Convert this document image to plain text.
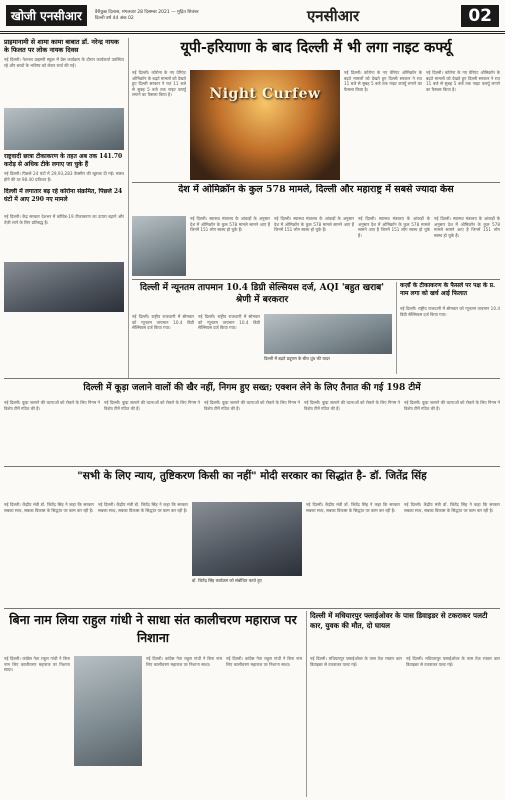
खोजी एनसीआर	वैरीकुछ दिलास, मंगलवार 28 दिसम्बर 2021 — मुद्रित सितंबर दिल्ली वर्ष 44 अंक 02	एनसीआर	02
प्राइमानामी से शामा कामा बाबात डॉ. नरेन्द्र नायक के फिलत पर लोक नायक दिवस
नई दिल्ली। नेशनल प्राइमरी स्कूल में प्रेस कार्यक्रम के दौरान कार्यकर्ता उपस्थित रहे और बच्चों के भविष्य को लेकर चर्चा की गई।
राष्ट्रवादी छात्रा टीकाकरण के तहत अब तक 141.70 करोड़ से अधिक टीके लगाए जा चुके हैं
नई दिल्ली। पिछले 24 घंटों में 29,93,283 वैक्सीन की खुराक दी गई। स्वस्थ होने की दर 98.40 प्रतिशत है।
यूपी-हरियाणा के बाद दिल्ली में भी लगा नाइट कर्फ्यू
Night Curfew
नई दिल्ली। कोरोना के नए वेरिएंट ओमिक्रॉन के बढ़ते मामलों को देखते हुए दिल्ली सरकार ने रात 11 बजे से सुबह 5 बजे तक नाइट कर्फ्यू लगाने का फैसला किया है।
नई दिल्ली। कोरोना के नए वेरिएंट ओमिक्रॉन के बढ़ते मामलों को देखते हुए दिल्ली सरकार ने रात 11 बजे से सुबह 5 बजे तक नाइट कर्फ्यू लगाने का फैसला किया है।
नई दिल्ली। कोरोना के नए वेरिएंट ओमिक्रॉन के बढ़ते मामलों को देखते हुए दिल्ली सरकार ने रात 11 बजे से सुबह 5 बजे तक नाइट कर्फ्यू लगाने का फैसला किया है।
दिल्ली में लगातार बढ़ रहे कोरोना संक्रमित, पिछले 24 घंटों में आए 290 नए मामले
देश में ओमिक्रॉन के कुल 578 मामले, दिल्ली और महाराष्ट्र में सबसे ज्यादा केस
नई दिल्ली। स्वास्थ्य मंत्रालय के आंकड़ों के अनुसार देश में ओमिक्रॉन के कुल 578 मामले सामने आए हैं जिनमें 151 लोग स्वस्थ हो चुके हैं।
नई दिल्ली। स्वास्थ्य मंत्रालय के आंकड़ों के अनुसार देश में ओमिक्रॉन के कुल 578 मामले सामने आए हैं जिनमें 151 लोग स्वस्थ हो चुके हैं।
नई दिल्ली। स्वास्थ्य मंत्रालय के आंकड़ों के अनुसार देश में ओमिक्रॉन के कुल 578 मामले सामने आए हैं जिनमें 151 लोग स्वस्थ हो चुके हैं।
नई दिल्ली। स्वास्थ्य मंत्रालय के आंकड़ों के अनुसार देश में ओमिक्रॉन के कुल 578 मामले सामने आए हैं जिनमें 151 लोग स्वस्थ हो चुके हैं।
दिल्ली में न्यूनतम तापमान 10.4 डिग्री सेल्सियस दर्ज, AQI 'बहुत खराब' श्रेणी में बरकरार
नई दिल्ली। राष्ट्रीय राजधानी में सोमवार को न्यूनतम तापमान 10.4 डिग्री सेल्सियस दर्ज किया गया।
नई दिल्ली। राष्ट्रीय राजधानी में सोमवार को न्यूनतम तापमान 10.4 डिग्री सेल्सियस दर्ज किया गया।
दिल्ली में बढ़ते प्रदूषण के बीच धुंध की चादर
कर्ज़ों के टीकाकरण के फैसले पर पक्ष के प्र. नाम लगा को खर्च आई फिलात
नई दिल्ली। राष्ट्रीय राजधानी में सोमवार को न्यूनतम तापमान 10.4 डिग्री सेल्सियस दर्ज किया गया।
नई दिल्ली। केंद्र सरकार देशभर में कोविड-19 टीकाकरण का दायरा बढ़ाने और तेज़ी लाने के लिए प्रतिबद्ध है।
दिल्ली में कूड़ा जलाने वालों की खैर नहीं, निगम हुए सख्त; एक्शन लेने के लिए तैनात की गई 198 टीमें
नई दिल्ली। कूड़ा जलाने की घटनाओं को रोकने के लिए निगम ने विशेष टीमें गठित की हैं।
नई दिल्ली। कूड़ा जलाने की घटनाओं को रोकने के लिए निगम ने विशेष टीमें गठित की हैं।
नई दिल्ली। कूड़ा जलाने की घटनाओं को रोकने के लिए निगम ने विशेष टीमें गठित की हैं।
नई दिल्ली। कूड़ा जलाने की घटनाओं को रोकने के लिए निगम ने विशेष टीमें गठित की हैं।
नई दिल्ली। कूड़ा जलाने की घटनाओं को रोकने के लिए निगम ने विशेष टीमें गठित की हैं।
"सभी के लिए न्याय, तुष्टिकरण किसी का नहीं" मोदी सरकार का सिद्धांत है- डॉ. जितेंद्र सिंह
नई दिल्ली। केंद्रीय मंत्री डॉ. जितेंद्र सिंह ने कहा कि सरकार सबका साथ, सबका विकास के सिद्धांत पर काम कर रही है।
नई दिल्ली। केंद्रीय मंत्री डॉ. जितेंद्र सिंह ने कहा कि सरकार सबका साथ, सबका विकास के सिद्धांत पर काम कर रही है।
डॉ. जितेंद्र सिंह कार्यक्रम को संबोधित करते हुए
नई दिल्ली। केंद्रीय मंत्री डॉ. जितेंद्र सिंह ने कहा कि सरकार सबका साथ, सबका विकास के सिद्धांत पर काम कर रही है।
नई दिल्ली। केंद्रीय मंत्री डॉ. जितेंद्र सिंह ने कहा कि सरकार सबका साथ, सबका विकास के सिद्धांत पर काम कर रही है।
बिना नाम लिया राहुल गांधी ने साधा संत कालीचरण महाराज पर निशाना
नई दिल्ली। कांग्रेस नेता राहुल गांधी ने बिना नाम लिए कालीचरण महाराज पर निशाना साधा।
नई दिल्ली। कांग्रेस नेता राहुल गांधी ने बिना नाम लिए कालीचरण महाराज पर निशाना साधा।
नई दिल्ली। कांग्रेस नेता राहुल गांधी ने बिना नाम लिए कालीचरण महाराज पर निशाना साधा।
दिल्ली में मधियारपुर फ्लाईओवर के पास डिवाइडर से टकराकर पलटी कार, युवक की मौत, दो घायल
नई दिल्ली। मधियारपुर फ्लाईओवर के पास तेज़ रफ्तार कार डिवाइडर से टकराकर पलट गई।
नई दिल्ली। मधियारपुर फ्लाईओवर के पास तेज़ रफ्तार कार डिवाइडर से टकराकर पलट गई।
